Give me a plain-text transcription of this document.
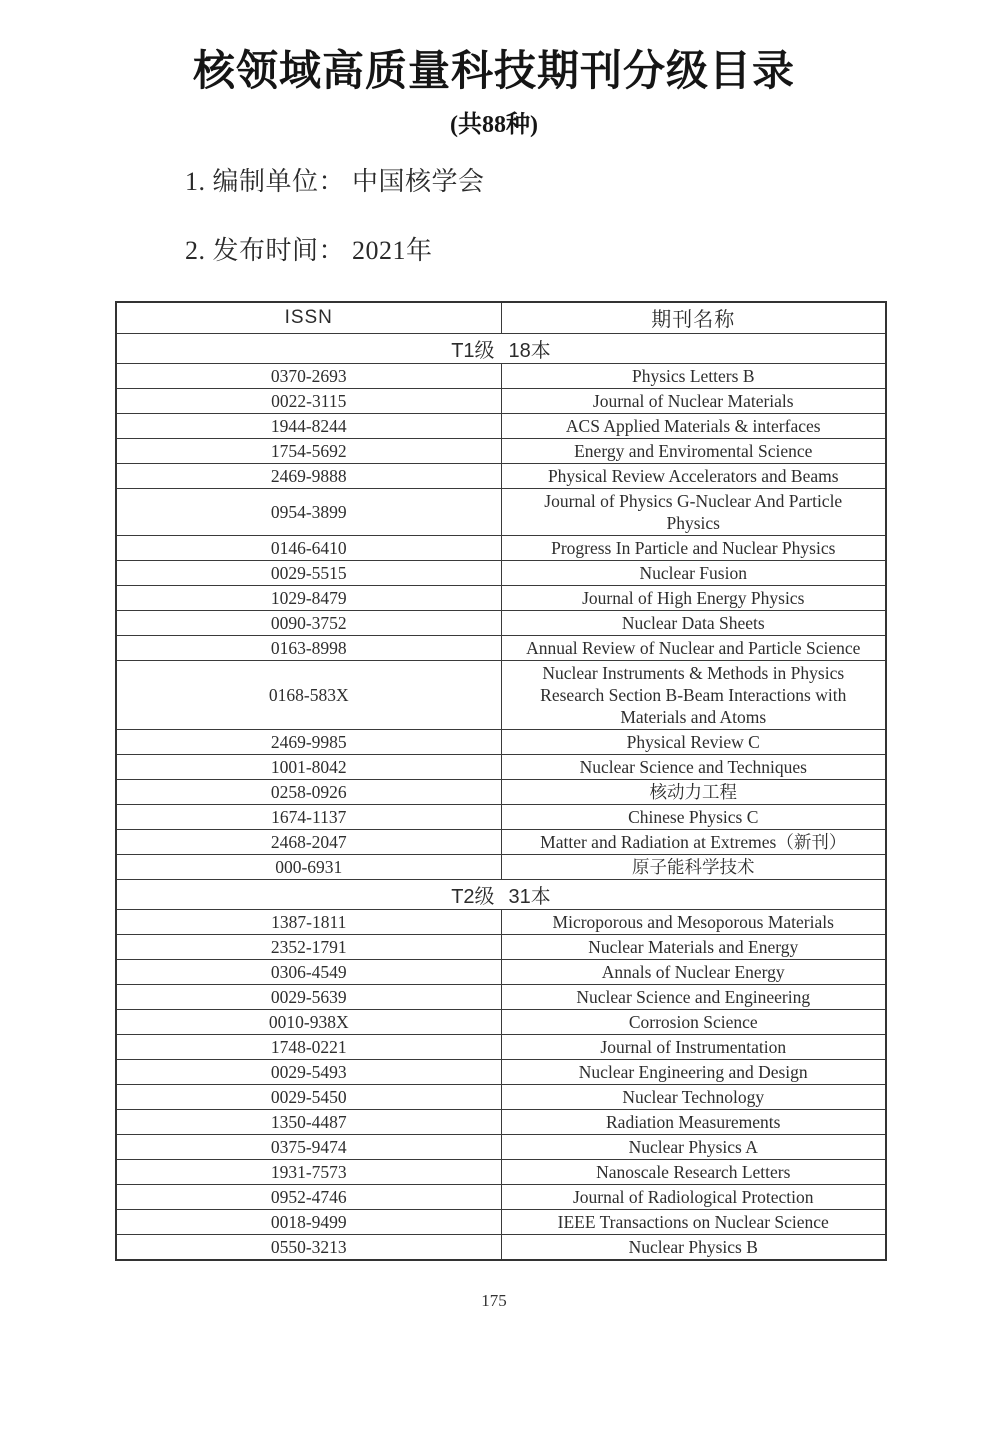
核领域高质量科技期刊分级目录
(共88种)
1. 编制单位： 中国核学会
2. 发布时间： 2021年
ISSN	期刊名称
T1级 18本	
0370-2693	Physics Letters B
0022-3115	Journal of Nuclear Materials
1944-8244	ACS Applied Materials & interfaces
1754-5692	Energy and Enviromental Science
2469-9888	Physical Review Accelerators and Beams
0954-3899	Journal of Physics G-Nuclear And Particle Physics
0146-6410	Progress In Particle and Nuclear Physics
0029-5515	Nuclear Fusion
1029-8479	Journal of High Energy Physics
0090-3752	Nuclear Data Sheets
0163-8998	Annual Review of Nuclear and Particle Science
0168-583X	Nuclear Instruments & Methods in Physics Research Section B-Beam Interactions with Materials and Atoms
2469-9985	Physical Review C
1001-8042	Nuclear Science and Techniques
0258-0926	核动力工程
1674-1137	Chinese Physics C
2468-2047	Matter and Radiation at Extremes（新刊）
000-6931	原子能科学技术
T2级 31本	
1387-1811	Microporous and Mesoporous Materials
2352-1791	Nuclear Materials and Energy
0306-4549	Annals of Nuclear Energy
0029-5639	Nuclear Science and Engineering
0010-938X	Corrosion Science
1748-0221	Journal of Instrumentation
0029-5493	Nuclear Engineering and Design
0029-5450	Nuclear Technology
1350-4487	Radiation Measurements
0375-9474	Nuclear Physics A
1931-7573	Nanoscale Research Letters
0952-4746	Journal of Radiological Protection
0018-9499	IEEE Transactions on Nuclear Science
0550-3213	Nuclear Physics B
175
